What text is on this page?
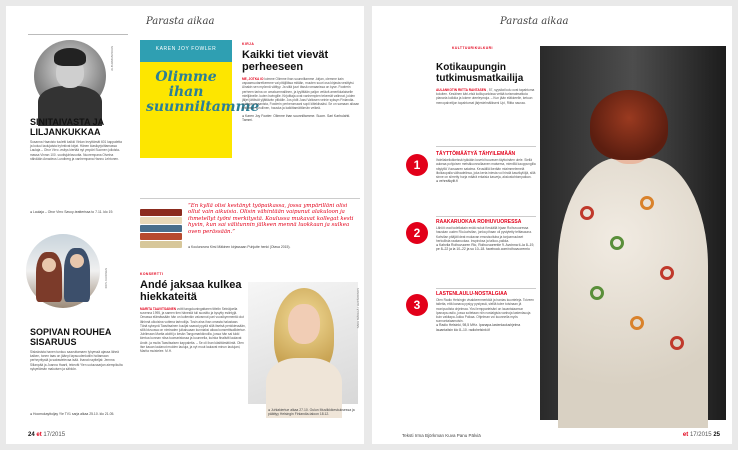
Parasta aikaa
ALBUMI/RANSKAN
SINITAIVASTA JA LILJANKUKKAA
Susanna Haavisto tuuletti kaikki Vinlan levyttämät 601 kappaletta ja koluui laulujaista lryhntivat kirjat. Hänen kiasikyrjoittamassa Laulaja – Oiror Virro -esitys kiertää nyt ympäri Suomen jolloista-massa Vinran 100 -vuotisjuhlavuotta. Nuorempana Oiveina nähdään Amadeus Lundberg ja vanhempana Hannu Lehtonen.
● Laulaja – Oiror Virro Savoy-teatterissa to 7.11. klo 19.
IIRIS JUVONEN
SOPIVAN ROUHEA SISARUUS
Sisksksista hanen tunkuu saavuttamaen lyhyessä ajassa läheä kaiken, tonen taas on jäänyt lapsuudenkotiin hoitamaan perheyritystä ja sairastelevaa isää. Ihanat naytteljat: Jemma Sillanpää ja Joanna Haarti, tekevät Ylen uutuussarjan aiempikulta nykyelämän makuisen ja sähkön.
● Hoomukayttoljay Yle TV1 sarja alkaa 25.10. klo 21.05.
KAREN JOY FOWLER
Olimme ihan suunniltamme
KIRJA
Kaikki tiet vievät perheeseen
ME, JOTKA iO luimme Olimme ihan suunniltamme -kirjan, olemme kain vapaamuotaretkemme vai pitäjiltäsa mitään, muuten suuri osa kirjasta vesittyisi. Ainakin sen myönnä väittyy. Ja siitä juuri tässä romaanissa on kyse. Fowlerin perheen tarina on omakummallinen, ja tyylittään paljon vetävä amerikkalaiselle mielijänelle. kuten Irwingille. Kirjoittaja ovat vanhempien tekemät valinnat, joiden jäljet jättävät yljättävän pitkälle. Jos pidit Jussi Valtosen veinie syksyn Finlandia-voittajaromaanista, Fowlerin perheromaani sopii kiitekiissäsi. Se on samaan aikaan ehtikava, surullinen, hauska ja kaikittamättörnän veikeä.
● Karen Joy Fowler: Olimme ihan suunniltamme. Suom. Sari Karhulahti. Tammi.
”En kyllä olisi kestänyt työpaikassa, jossa ympärilläni olisi ollut vain aikuisia. Olisin vähintään vaipunut alakuloon ja ihmetellyt työni merkitystä. Koulussa mukavat kollegat kesti hyvin, kun sai välitunnin jälkeen mennä luokkaan ja sulkea oven perässään.”
● Koulunovea Kirsi Mäkinen kirjassaan Puhjutte henki (Otava 2015).
KONSERTTI
Andé jaksaa kulkea hiekkateitä
MARITA TAAVITSAINEN voitti tangokuningattaren tittelin Seinäjoella suvenna 1995, ja samen tien hänestä tuli suosittu ja kysytty esiintyjä. Omassa elämässään hän on kuitenkin vaivannut pari vuosikymmentä olut lähinnä ulkoisina vuttena tarinoilija. Tosin aina ihan omasta halustaan. Tänä syksynä Taavitsainen kuuljat saavat pyydä sillä itsetsä penkkiessään, sillä kiuvussa on nimiraden julkaisuaan kunniaksi aikaa konserttisalikiertue. Juhlimaan Marita aloitti jo kesän Tangomarkkinoilla, jossa hän sai lukki kiertua kunnan niisa tuomaristossa ja kuunnella, kuinka finalistit laulavat Andé- ja muita Taavitsaisen kappaleita. – Se oli ihan käsittämätöntä. Olen itse kauan laulanut muiden lauluja, ja nyt muut laulavat minun laulujani, Marita muistelee. M.H.
SAKU MÄKELÄ / LEIPÄPAINOS
● Juhlakiertue alkaa 27.10. Oulun Musiikkikeskuksessa ja päättyy Helsingin Finlandia-taloon 18.12.
24 et 17/2015
Parasta aikaa
KULTTUURIKULKURI
Kotikaupungin tutkimusmatkailija
AULANKOTIN RIITTA RANTASEN , 57, syysilat kulu ovat tapahtuma koluiten. Kesäinen käri-elsä koillupunkissa vetää turismatmatkoia planaria kolkkia ja lokere uteeleymoja. – Kun jään eläkkeelle, ketuun menopalvelijon tapahtumat järjestelmälikseni Upi, Riitta nauraa.
1
TÄYTTÖMÄÄTYÄ TÄHYILEMÄÄN
Ihdeliakeilukkeissä tykkään koveid tuuvasen täyttoinäen ulele. Siellä aukeaa pohjoisen metsäluonnollaanen maisema, mienillä kauppunglila näytyllä Vuosaaren sataima. Keusäillä ikerään miaimmelemeiä iltoikaupalla välivadeiinsa, joka kerta iniesta voi hindä kasvikylöijä, sillä sinne on siirretty hurja määrä erkaisia kasveja, aksiostohtompaikan.
● vehreäkyilt.fi
2
RAAKARUOKAA ROIHUVUORESSA
Lähiöt ovat todellakain enää nukut Keskällä Irjaan Roihuvuoressa hauskan uuden Rio-kahvilan, jonka pihaan oli pystytetty telttasauna. Kahvilan pitäjät ideat mukavan emosisoituba ja tarjoamuukset herkullista raakaruokaa. Inspiroksa ja talkoo-paikka.
● Kahvila Roihuvuoren Rio, Roihuvuorentie 9. Avoinna ti–la 8–19, pe 8–22 ja la 10–22 ja su 10–18. facebook.com/roihuvuorenrio
3
LASTENLAULU-NOSTALGIAA
Olen Radio Helsingin visakkeenmerkkiä ja hanias kuunteleja. Toiveen tailetta, että kanava pysiyy pystyssä, sielllä tulee toisinaan jä monipuolista ohjelmaa. Yksi lempparieisäni on lauantaiaamun Ipanapa-radio, jossa soitetaan niin nostalgisia vanhoja lastenlauuja kuin vakitapa Jukka Poikaa. Ohjelman voi kuunnella myös sunnuntaiaamuisin.
● Radio Helsinki, 98,5 MHz. Ipanapa-lastenlaulushjelma lauantaiisin klo 8–10. radiohelsinki.fi
Teksti Irma Björkman Kuva Panu Pälviä	et 17/2015 25
